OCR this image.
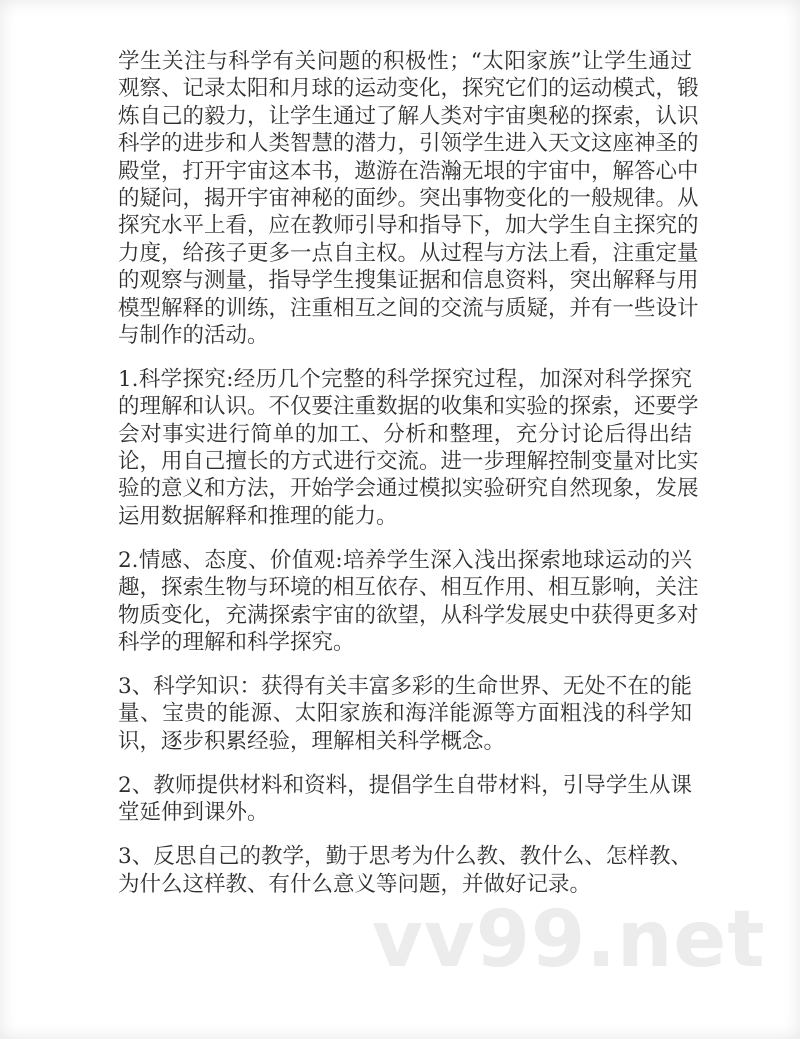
学生关注与科学有关问题的积极性；“太阳家族”让学生通过
观察、记录太阳和月球的运动变化，探究它们的运动模式，锻
炼自己的毅力，让学生通过了解人类对宇宙奥秘的探索，认识
科学的进步和人类智慧的潜力，引领学生进入天文这座神圣的
殿堂，打开宇宙这本书，遨游在浩瀚无垠的宇宙中，解答心中
的疑问，揭开宇宙神秘的面纱。突出事物变化的一般规律。从
探究水平上看，应在教师引导和指导下，加大学生自主探究的
力度，给孩子更多一点自主权。从过程与方法上看，注重定量
的观察与测量，指导学生搜集证据和信息资料，突出解释与用
模型解释的训练，注重相互之间的交流与质疑，并有一些设计
与制作的活动。
1.科学探究:经历几个完整的科学探究过程，加深对科学探究
的理解和认识。不仅要注重数据的收集和实验的探索，还要学
会对事实进行简单的加工、分析和整理，充分讨论后得出结
论，用自己擅长的方式进行交流。进一步理解控制变量对比实
验的意义和方法，开始学会通过模拟实验研究自然现象，发展
运用数据解释和推理的能力。
2.情感、态度、价值观:培养学生深入浅出探索地球运动的兴
趣，探索生物与环境的相互依存、相互作用、相互影响，关注
物质变化，充满探索宇宙的欲望，从科学发展史中获得更多对
科学的理解和科学探究。
3、科学知识：获得有关丰富多彩的生命世界、无处不在的能
量、宝贵的能源、太阳家族和海洋能源等方面粗浅的科学知
识，逐步积累经验，理解相关科学概念。
2、教师提供材料和资料，提倡学生自带材料，引导学生从课
堂延伸到课外。
3、反思自己的教学，勤于思考为什么教、教什么、怎样教、
为什么这样教、有什么意义等问题，并做好记录。
vv99.net
